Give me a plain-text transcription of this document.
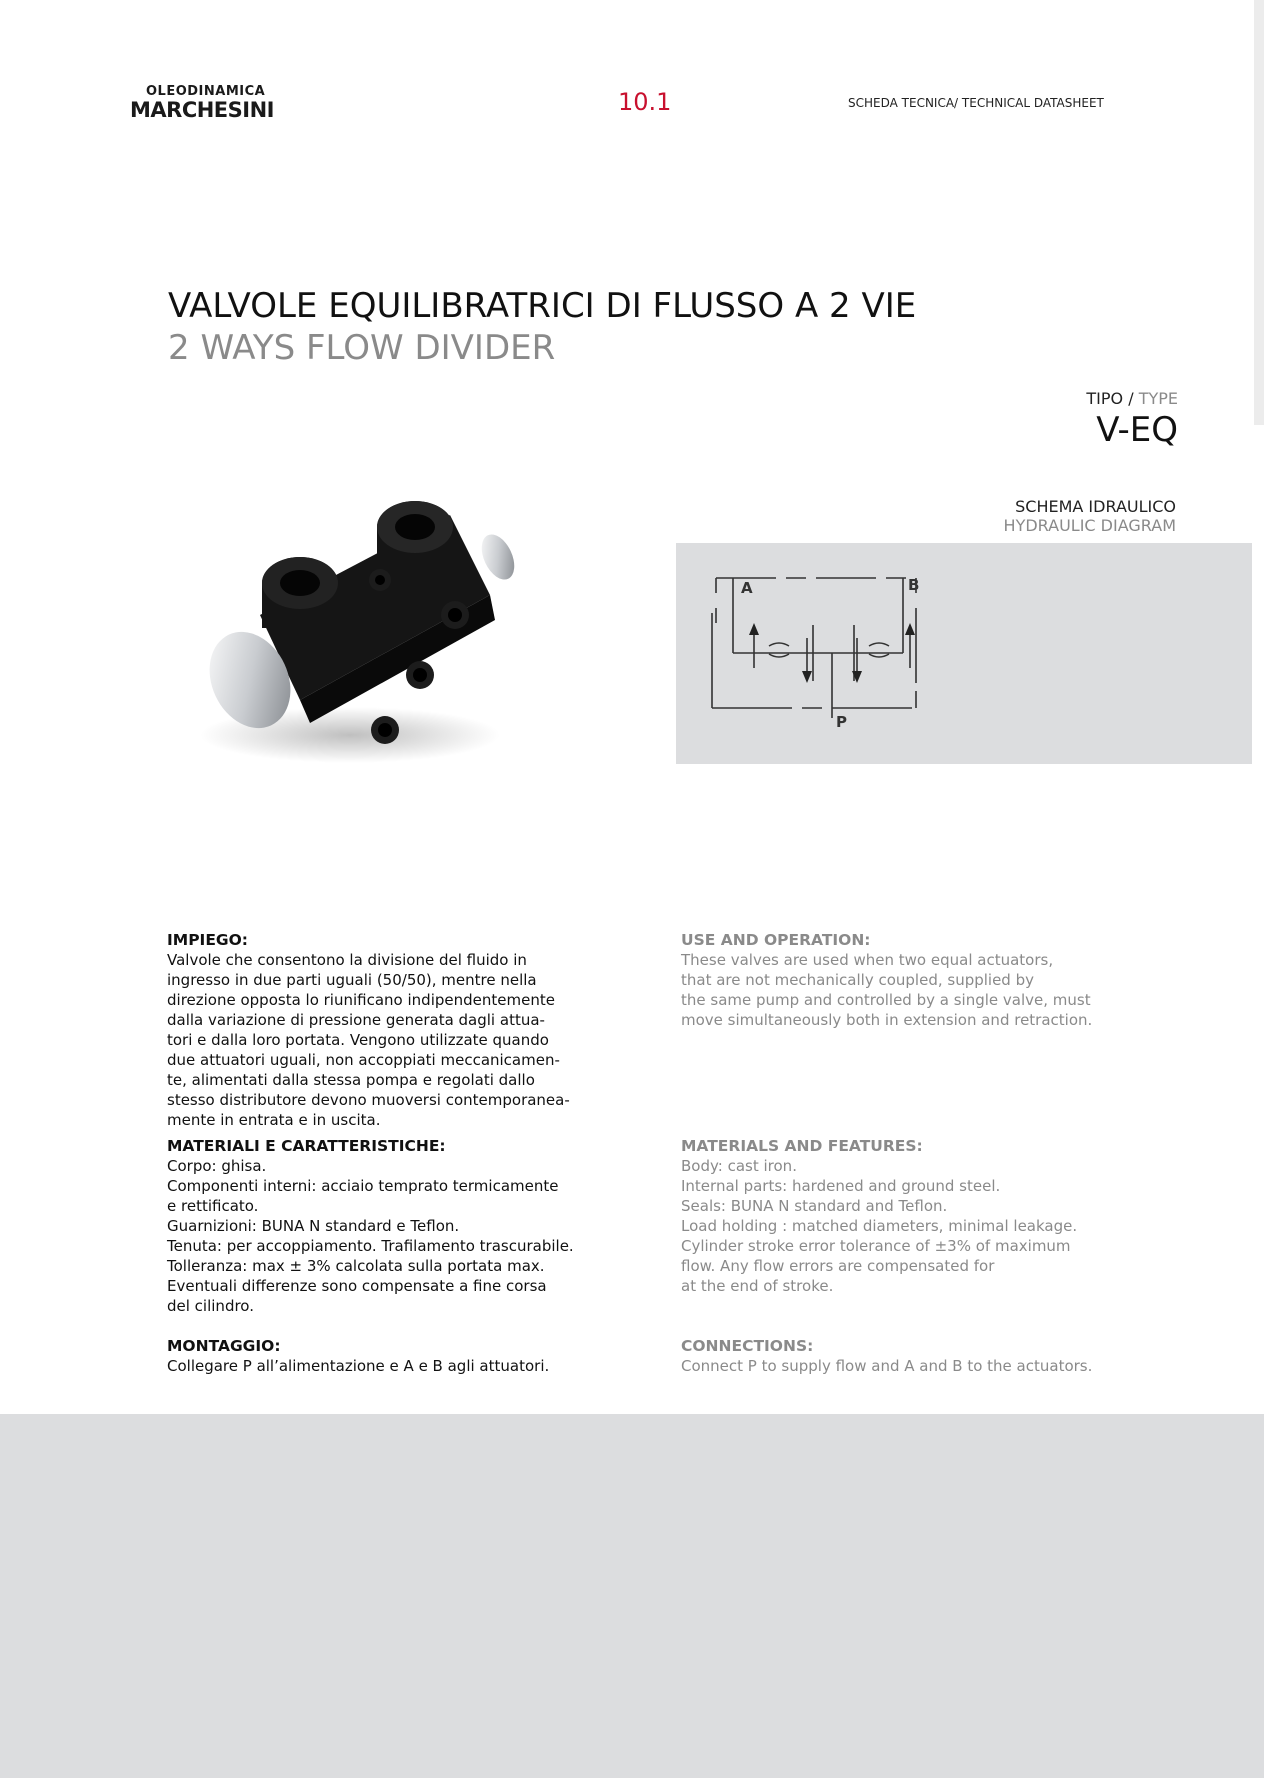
OLEODINAMICA
MARCHESINI	10.1	SCHEDA TECNICA/ TECHNICAL DATASHEET
VALVOLE EQUILIBRATRICI DI FLUSSO A 2 VIE
2 WAYS FLOW DIVIDER
TIPO / TYPE
V-EQ
SCHEMA IDRAULICO
HYDRAULIC DIAGRAM
A	B
P
IMPIEGO:

Valvole che consentono la divisione del fluido in
ingresso in due parti uguali (50/50), mentre nella
direzione opposta lo riunificano indipendentemente
dalla variazione di pressione generata dagli attua-
tori e dalla loro portata. Vengono utilizzate quando
due attuatori uguali, non accoppiati meccanicamen-
te, alimentati dalla stessa pompa e regolati dallo
stesso distributore devono muoversi contemporanea-
mente in entrata e in uscita.

MATERIALI E CARATTERISTICHE:

Corpo: ghisa.
Componenti interni: acciaio temprato termicamente
e rettificato.
Guarnizioni: BUNA N standard e Teflon.
Tenuta: per accoppiamento. Trafilamento trascurabile.
Tolleranza: max ± 3% calcolata sulla portata max.
Eventuali differenze sono compensate a fine corsa
del cilindro.

MONTAGGIO:

Collegare P all’alimentazione e A e B agli attuatori.

USE AND OPERATION:

These valves are used when two equal actuators,
that are not mechanically coupled, supplied by
the same pump and controlled by a single valve, must
move simultaneously both in extension and retraction.

MATERIALS AND FEATURES:

Body: cast iron.
Internal parts: hardened and ground steel.
Seals: BUNA N standard and Teflon.
Load holding : matched diameters, minimal leakage.
Cylinder stroke error tolerance of ±3% of maximum
flow. Any flow errors are compensated for
at the end of stroke.

CONNECTIONS:

Connect P to supply flow and A and B to the actuators.
